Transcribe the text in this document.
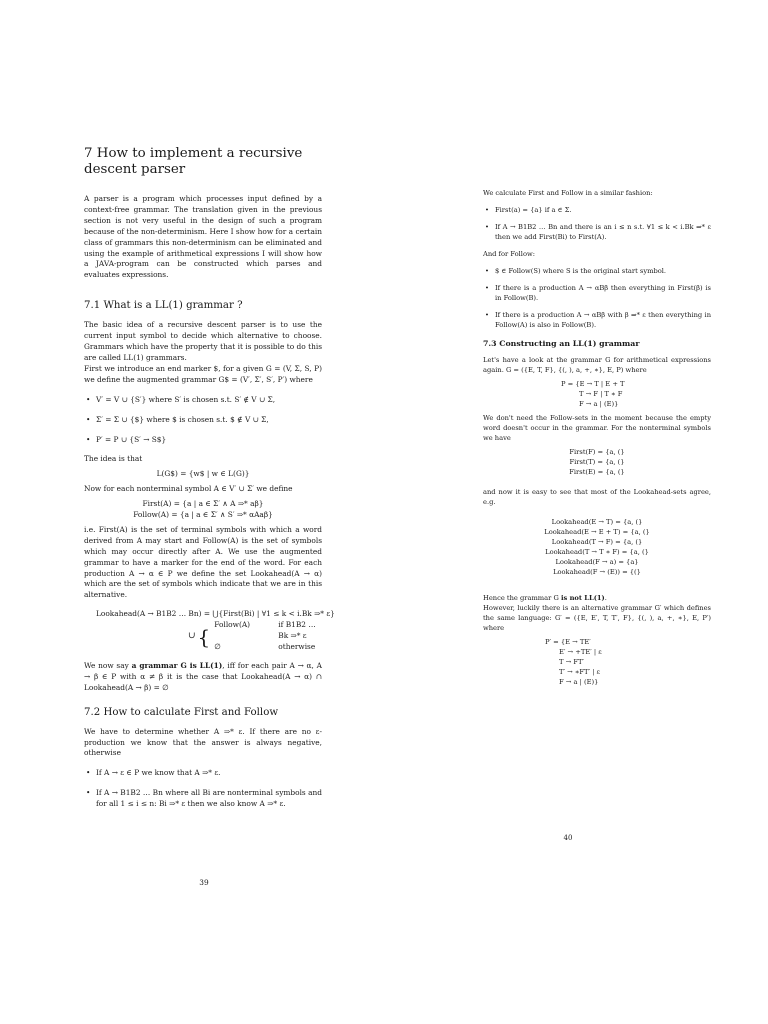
7 How to implement a recursive descent parser

A parser is a program which processes input defined by a context-free grammar. The translation given in the previous section is not very useful in the design of such a program because of the non-determinism. Here I show how for a certain class of grammars this non-determinism can be eliminated and using the example of arithmetical expressions I will show how a JAVA-program can be constructed which parses and evaluates expressions.

7.1 What is a LL(1) grammar ?

The basic idea of a recursive descent parser is to use the current input symbol to decide which alternative to choose. Grammars which have the property that it is possible to do this are called LL(1) grammars.

First we introduce an end marker $, for a given G = (V, Σ, S, P) we define the augmented grammar G$ = (V′, Σ′, S′, P′) where

• V′ = V ∪ {S′} where S′ is chosen s.t. S′ ∉ V ∪ Σ,
• Σ′ = Σ ∪ {$} where $ is chosen s.t. $ ∉ V ∪ Σ,
• P′ = P ∪ {S′ → S$}

The idea is that

L(G$) = {w$ | w ∈ L(G)}

Now for each nonterminal symbol A ∈ V′ ∪ Σ′ we define

First(A) = {a | a ∈ Σ′ ∧ A ⇒* aβ}
Follow(A) = {a | a ∈ Σ′ ∧ S′ ⇒* αAaβ}

i.e. First(A) is the set of terminal symbols with which a word derived from A may start and Follow(A) is the set of symbols which may occur directly after A. We use the augmented grammar to have a marker for the end of the word. For each production A → α ∈ P we define the set Lookahead(A → α) which are the set of symbols which indicate that we are in this alternative.

Lookahead(A → B1B2 … Bn) = ⋃{First(Bi) | ∀1 ≤ k < i.Bk ⇒* ε}
∪ { Follow(A)	if B1B2 … Bk ⇒* ε
∅	otherwise

We now say a grammar G is LL(1), iff for each pair A → α, A → β ∈ P with α ≠ β it is the case that Lookahead(A → α) ∩ Lookahead(A → β) = ∅

7.2 How to calculate First and Follow

We have to determine whether A ⇒* ε. If there are no ε-production we know that the answer is always negative, otherwise

• If A → ε ∈ P we know that A ⇒* ε.
• If A → B1B2 … Bn where all Bi are nonterminal symbols and for all 1 ≤ i ≤ n: Bi ⇒* ε then we also know A ⇒* ε.
39

We calculate First and Follow in a similar fashion:

• First(a) = {a} if a ∈ Σ.
• If A → B1B2 … Bn and there is an i ≤ n s.t. ∀1 ≤ k < i.Bk ⇒* ε then we add First(Bi) to First(A).

And for Follow:

• $ ∈ Follow(S) where S is the original start symbol.
• If there is a production A → αBβ then everything in First(β) is in Follow(B).
• If there is a production A → αBβ with β ⇒* ε then everything in Follow(A) is also in Follow(B).
7.3 Constructing an LL(1) grammar

Let's have a look at the grammar G for arithmetical expressions again. G = ({E, T, F}, {(, ), a, +, ∗}, E, P) where

P = {E → T | E + T
T → F | T ∗ F
F → a | (E)}

We don't need the Follow-sets in the moment because the empty word doesn't occur in the grammar. For the nonterminal symbols we have

First(F) = {a, (}
First(T) = {a, (}
First(E) = {a, (}

and now it is easy to see that most of the Lookahead-sets agree, e.g.

Lookahead(E → T) = {a, (}
Lookahead(E → E + T) = {a, (}
Lookahead(T → F) = {a, (}
Lookahead(T → T ∗ F) = {a, (}
Lookahead(F → a) = {a}
Lookahead(F → (E)) = {(}

Hence the grammar G is not LL(1).

However, luckily there is an alternative grammar G′ which defines the same language: G′ = ({E, E′, T, T′, F}, {(, ), a, +, ∗}, E, P′) where

P′ = {E → TE′
E′ → +TE′ | ε
T → FT′
T′ → ∗FT′ | ε
F → a | (E)}
40
